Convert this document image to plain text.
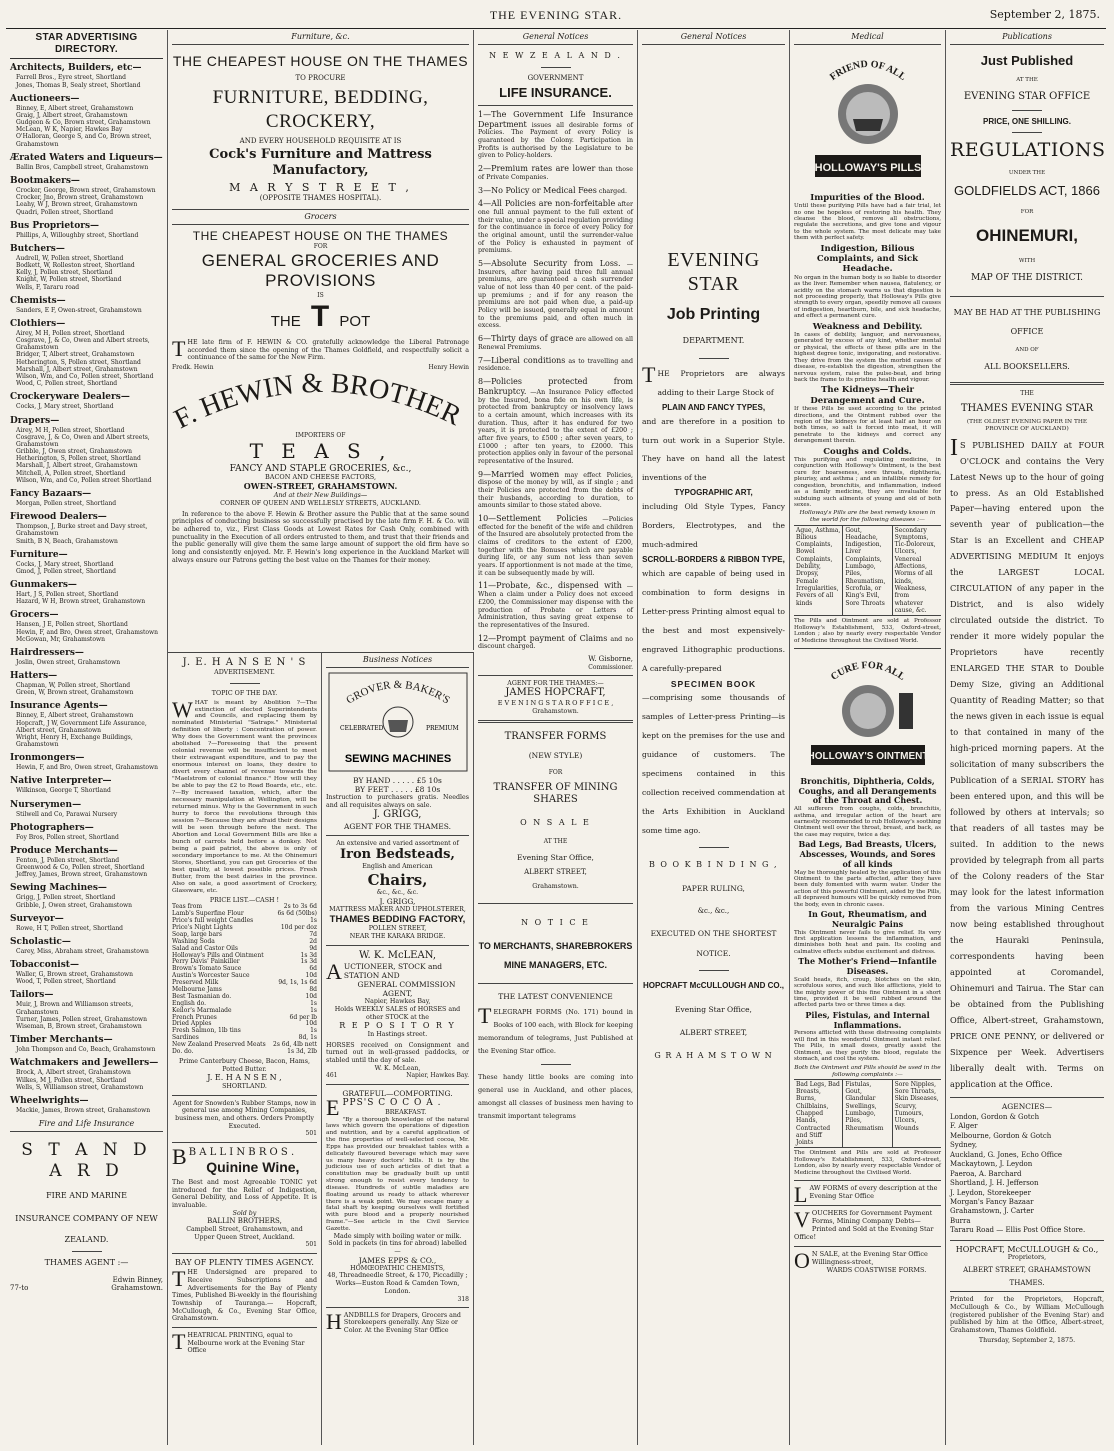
THE EVENING STAR.	September 2, 1875.
STAR ADVERTISING DIRECTORY.
Architects, Builders, etc—
Farrell Bros., Eyre street, Shortland
Jones, Thomas B, Sealy street, Shortland
Auctioneers—
Binney, E, Albert street, Grahamstown
Graig, J, Albert street, Grahamstown
Gudgeon & Co, Brown street, Grahamstown
McLean, W K, Napier, Hawkes Bay
O'Halloran, George S, and Co, Brown street, Grahamstown
Ærated Waters and Liqueurs—
Ballin Bros, Campbell street, Grahamstown
Bootmakers—
Crocker, George, Brown street, Grahamstown
Crocker, Jno, Brown street, Grahamstown
Leahy, W J, Brown street, Grahamstown
Quadri, Pollen street, Shortland
Bus Proprietors—
Phillips, A, Willoughby street, Shortland
Butchers—
Audrell, W, Pollen street, Shortland
Bodkett, W, Rolleston street, Shortland
Kelly, J, Pollen street, Shortland
Knight, W, Pollen street, Shortland
Wells, F, Tararu road
Chemists—
Sanders, E F, Owen-street, Grahamstown
Clothiers—
Airey, M H, Pollen street, Shortland
Cosgrave, J, & Co, Owen and Albert streets, Grahamstown
Bridger, T, Albert street, Grahamstown
Hetherington, S, Pollen street, Shortland
Marshall, J, Albert street, Grahamstown
Wilson, Wm, and Co, Pollen street, Shortland
Wood, C, Pollen street, Shortland
Crockeryware Dealers—
Cocks, J, Mary street, Shortland
Drapers—
Airey, M H, Pollen street, Shortland
Cosgrave, J, & Co, Owen and Albert streets, Grahamstown
Gribble, J, Owen street, Grahamstown
Hetherington, S, Pollen street, Shortland
Marshall, J, Albert street, Grahamstown
Mitchell, A, Pollen street, Shortland
Wilson, Wm, and Co, Pollen street Shortland
Fancy Bazaars—
Morgan, Pollen street, Shortland
Firewood Dealers—
Thompson, J, Burke street and Davy street, Grahamstown
Smith, B N, Beach, Grahamstown
Furniture—
Cocks, J, Mary street, Shortland
Gmod, J, Pollen street, Shortland
Gunmakers—
Hart, J S, Pollen street, Shortland
Hazard, W H, Brown street, Grahamstown
Grocers—
Hansen, J E, Pollen street, Shortland
Hewin, F, and Bro, Owen street, Grahamstown
McGowan, Mr, Grahamstown
Hairdressers—
Joslin, Owen street, Grahamstown
Hatters—
Chapman, W, Pollen street, Shortland
Green, W, Brown street, Grahamstown
Insurance Agents—
Binney, E, Albert street, Grahamstown
Hopcraft, J W, Government Life Assurance, Albert street, Grahamstown
Wright, Henry H, Exchange Buildings, Grahamstown
Ironmongers—
Hewin, F, and Bro, Owen street, Grahamstown
Native Interpreter—
Wilkinson, George T, Shortland
Nurserymen—
Stilwell and Co, Parawai Nursery
Photographers—
Foy Bros, Pollen street, Shortland
Produce Merchants—
Fenton, J, Pollen street, Shortland
Greenwood & Co, Pollen street, Shortland
Jeffrey, James, Brown street, Grahamstown
Sewing Machines—
Grigg, J, Pollen street, Shortland
Gribble, J, Owen street, Grahamstown
Surveyor—
Rowe, H T, Pollen street, Shortland
Scholastic—
Carey, Miss, Abraham street, Grahamstown
Tobacconist—
Waller, G, Brown street, Grahamstown
Wood, T, Pollen street, Shortland
Tailors—
Muir, J, Brown and Williamson streets, Grahamstown
Turner, James, Pollen street, Grahamstown
Wiseman, B, Brown street, Grahamstown
Timber Merchants—
John Thompson and Co, Beach, Grahamstown
Watchmakers and Jewellers—
Brock, A, Albert street, Grahamstown
Wilkes, M J, Pollen street, Shortland
Wells, S, Williamson street, Grahamstown
Wheelwrights—
Mackie, James, Brown street, Grahamstown
Fire and Life Insurance
S T A N D A R D
FIRE AND MARINE
INSURANCE COMPANY OF NEW
ZEALAND.
THAMES AGENT :—
Edwin Binney,
77-to	Grahamstown.
Furniture, &c.
THE CHEAPEST HOUSE ON THE THAMES
TO PROCURE
FURNITURE, BEDDING, CROCKERY,
AND EVERY HOUSEHOLD REQUISITE AT IS
Cock's Furniture and Mattress
Manufactory,
M A R Y S T R E E T ,
(OPPOSITE THAMES HOSPITAL).
Grocers
THE CHEAPEST HOUSE ON THE THAMES
FOR
GENERAL GROCERIES AND PROVISIONS
IS
THE T POT
THE late firm of F. HEWIN & CO. gratefully acknowledge the Liberal Patronage accorded them since the opening of the Thames Goldfield, and respectfully solicit a continuance of the same for the New Firm.
Fredk. Hewin	Henry Hewin
. HEWIN & BROTHER
IMPORTERS OF
T E A S ,
FANCY AND STAPLE GROCERIES, &c.,
BACON AND CHEESE FACTORS,
OWEN-STREET, GRAHAMSTOWN.
And at their New Buildings—
CORNER OF QUEEN AND WELLESLY STREETS, AUCKLAND.
In reference to the above F. Hewin & Brother assure the Public that at the same sound principles of conducting business so successfully practised by the late firm F. H. & Co. will be adhered to, viz., First Class Goods at Lowest Rates for Cash Only, combined with punctuality in the Execution of all orders entrusted to them, and trust that their friends and the public generally will give them the same large amount of support the old firm have so long and consistently enjoyed. Mr. F. Hewin's long experience in the Auckland Market will always ensure our Patrons getting the best value on the Thames for their money.
J. E. H A N S E N ' S
ADVERTISEMENT.
TOPIC OF THE DAY.
WHAT is meant by Abolition ?—The extinction of elected Superintendents and Councils, and replacing them by nominated Ministerial "Satraps." Ministerial definition of liberty : Concentration of power. Why does the Government want the provinces abolished ?—Foreseeing that the present colonial revenue will be insufficient to meet their extravagant expenditure, and to pay the enormous interest on loans, they desire to divert every channel of revenue towards the "Maelstrom of colonial finance." How will they be able to pay the £2 to Road Boards, etc., etc. ?—By increased taxation, which, after the necessary manipulation at Wellington, will be returned minus. Why is the Government in such hurry to force the revolutions through this session ?—Because they are afraid their designs will be seen through before the next. The Abortion and Local Government Bills are like a bunch of carrots held before a donkey. Not being a paid patriot, the above is only of secondary importance to me. At the Ohinemuri Stores, Shortland, you can get Groceries of the best quality, at lowest possible prices. Fresh Butter, from the best dairies in the province. Also on sale, a good assortment of Crockery, Glassware, etc.
PRICE LIST.—CASH !
Teas from	2s to 3s 6d
Lamb's Superfine Flour	6s 6d (50lbs)
Price's full weight Candles	1s
Price's Night Lights	10d per doz
Soap, large bars	7d
Washing Soda	2d
Salad and Castor Oils	9d
Holloway's Pills and Ointment	1s 3d
Perry Davis' Painkiller	1s 3d
Brown's Tomato Sauce	6d
Austin's Worcester Sauce	10d
Preserved Milk	9d, 1s, 1s 6d
Melbourne Jams	8d
Best Tasmanian do.	10d
English do.	1s
Keilor's Marmalade	1s
French Prunes	6d per lb
Dried Apples	10d
Fresh Salmon, 1lb tins	1s
Sardines	8d, 1s
New Zealand Preserved Meats	2s 6d, 4lb nett
Do. do.	1s 3d, 2lb
Prime Canterbury Cheese, Bacon, Hams, Potted Butter.
J. E. H A N S E N ,
SHORTLAND.
Agent for Snowden's Rubber Stamps, now in general use among Mining Companies, business men, and others. Orders Promptly Executed.
501
B B A L L I N B R O S .
Quinine Wine,
The Best and most Agreeable TONIC yet introduced for the Relief of Indigestion, General Debility, and Loss of Appetite. It is invaluable.
Sold by
BALLIN BROTHERS,
Campbell Street, Grahamstown, and
Upper Queen Street, Auckland.
501
BAY OF PLENTY TIMES AGENCY.
THE Undersigned are prepared to Receive Subscriptions and Advertisements for the Bay of Plenty Times, Published Bi-weekly in the flourishing Township of Tauranga.— Hopcraft, McCullough, & Co., Evening Star Office, Grahamstown.
THEATRICAL PRINTING, equal to Melbourne work at the Evening Star Office
Business Notices
GROVER & BAKER'S
CELEBRATED	PREMIUM
SEWING MACHINES
BY HAND . . . . . £5 10s
BY FEET . . . . . £8 10s
Instruction to purchasers gratis. Needles and all requisites always on sale.
J. GRIGG,
AGENT FOR THE THAMES.
An extensive and varied assortment of
Iron Bedsteads,
English and American
Chairs,
&c., &c., &c.
J. GRIGG,
MATTRESS MAKER AND UPHOLSTERER,
THAMES BEDDING FACTORY,
POLLEN STREET,
NEAR THE KARAKA BRIDGE.
W. K. McLEAN,
AUCTIONEER, STOCK and STATION AND
GENERAL COMMISSION AGENT,
Napier, Hawkes Bay,
Holds WEEKLY SALES of HORSES and other STOCK at the
R E P O S I T O R Y
In Hastings street.
HORSES received on Consignment and turned out in well-grassed paddocks, or stabled until the day of sale.
W. K. McLean,
461	Napier, Hawkes Bay.
GRATEFUL—COMFORTING.
EPPS'S C O C O A .
BREAKFAST.
"By a thorough knowledge of the natural laws which govern the operations of digestion and nutrition, and by a careful application of the fine properties of well-selected cocoa, Mr. Epps has provided our breakfast tables with a delicately flavoured beverage which may save us many heavy doctors' bills. It is by the judicious use of such articles of diet that a constitution may be gradually built up until strong enough to resist every tendency to disease. Hundreds of subtle maladies are floating around us ready to attack wherever there is a weak point. We may escape many a fatal shaft by keeping ourselves well fortified with pure blood and a properly nourished frame."—See article in the Civil Service Gazette.
Made simply with boiling water or milk.
Sold in packets (in tins for abroad) labelled—
JAMES EPPS & CO.,
HOMŒOPATHIC CHEMISTS,
48, Threadneedle Street, & 170, Piccadilly ; Works—Euston Road & Camden Town, London.
318
HANDBILLS for Drapers, Grocers and Storekeepers generally. Any Size or Color. At the Evening Star Office
General Notices
N E W Z E A L A N D .
GOVERNMENT
LIFE INSURANCE.
1—The Government Life Insurance Department issues all desirable forms of Policies. The Payment of every Policy is guaranteed by the Colony. Participation in Profits is authorised by the Legislature to be given to Policy-holders.
2—Premium rates are lower than those of Private Companies.
3—No Policy or Medical Fees charged.
4—All Policies are non-forfeitable after one full annual payment to the full extent of their value, under a special regulation providing for the continuance in force of every Policy for the original amount, until the surrender-value of the Policy is exhausted in payment of premiums.
5—Absolute Security from Loss. —Insurers, after having paid three full annual premiums, are guaranteed a cash surrender value of not less than 40 per cent. of the paid-up premiums ; and if for any reason the premiums are not paid when due, a paid-up Policy will be issued, generally equal in amount to the premiums paid, and often much in excess.
6—Thirty days of grace are allowed on all Renewal Premiums.
7—Liberal conditions as to travelling and residence.
8—Policies protected from Bankruptcy. —An Insurance Policy effected by the Insured, bona fide on his own life, is protected from bankruptcy or insolvency laws to a certain amount, which increases with its duration. Thus, after it has endured for two years, it is protected to the extent of £200 ; after five years, to £500 ; after seven years, to £1000 ; after ten years, to £2000. This protection applies only in favour of the personal representative of the Insured.
9—Married women may effect Policies, dispose of the money by will, as if single ; and their Policies are protected from the debts of their husbands, according to duration, to amounts similar to those stated above.
10—Settlement Policies —Policies effected for the benefit of the wife and children of the Insured are absolutely protected from the claims of creditors to the extent of £200, together with the Bonuses which are payable during life, or any sum not less than seven years. If apportionment is not made at the time, it can be subsequently made by will.
11—Probate, &c., dispensed with —When a claim under a Policy does not exceed £200, the Commissioner may dispense with the production of Probate or Letters of Administration, thus saving great expense to the representatives of the Insured.
12—Prompt payment of Claims and no discount charged.
W. Gisborne,
Commissioner.
AGENT FOR THE THAMES:—
JAMES HOPCRAFT,
E V E N I N G S T A R O F F I C E ,
Grahamstown.
TRANSFER FORMS
(NEW STYLE)
FOR
TRANSFER OF MINING SHARES
O N S A L E
AT THE
Evening Star Office,
ALBERT STREET,
Grahamstown.
N O T I C E
TO MERCHANTS, SHAREBROKERS
MINE MANAGERS, ETC.
THE LATEST CONVENIENCE
TELEGRAPH FORMS (No. 171) bound in Books of 100 each, with Block for keeping memorandum of telegrams, Just Published at the Evening Star office.
These handy little books are coming into general use in Auckland, and other places, amongst all classes of business men having to transmit important telegrams
General Notices
EVENING STAR
Job Printing
DEPARTMENT.
THE Proprietors are always adding to their Large Stock of
PLAIN AND FANCY TYPES,
and are therefore in a position to turn out work in a Superior Style. They have on hand all the latest inventions of the
TYPOGRAPHIC ART,
including Old Style Types, Fancy Borders, Electrotypes, and the much-admired
SCROLL-BORDERS & RIBBON TYPE,
which are capable of being used in combination to form designs in Letter-press Printing almost equal to the best and most expensively-engraved Lithographic productions. A carefully-prepared
SPECIMEN BOOK
—comprising some thousands of samples of Letter-press Printing—is kept on the premises for the use and guidance of customers. The specimens contained in this collection received commendation at the Arts Exhibition in Auckland some time ago.
B O O K B I N D I N G ,
PAPER RULING,
&c., &c.,
EXECUTED ON THE SHORTEST
NOTICE.
HOPCRAFT McCULLOUGH AND CO.,
Evening Star Office,
ALBERT STREET,
G R A H A M S T O W N
Medical
FRIEND OF ALL
HOLLOWAY'S PILLS
Impurities of the Blood.
Until these purifying Pills have had a fair trial, let no one be hopeless of restoring his health. They cleanse the blood, remove all obstructions, regulate the secretions, and give tone and vigour to the whole system. The most delicate may take them with perfect safety.
Indigestion, Bilious Complaints, and Sick Headache.
No organ in the human body is so liable to disorder as the liver. Remember when nausea, flatulency, or acidity on the stomach warns us that digestion is not proceeding properly, that Holloway's Pills give strength to every organ, speedily remove all causes of indigestion, heartburn, bile, and sick headache, and effect a permanent cure.
Weakness and Debility.
In cases of debility, languor, and nervousness, generated by excess of any kind, whether mental or physical, the effects of these pills are in the highest degree tonic, invigorating, and restorative. They drive from the system the morbid causes of disease, re-establish the digestion, strengthen the nervous system, raise the pulse-beat, and bring back the frame to its pristine health and vigour.
The Kidneys—Their Derangement and Cure.
If these Pills be used according to the printed directions, and the Ointment rubbed over the region of the kidneys for at least half an hour on both times, so salt is forced into meat, it will penetrate to the kidneys and correct any derangement therein.
Coughs and Colds.
This purifying and regulating medicine, in conjunction with Holloway's Ointment, is the best cure for hoarseness, sore throats, diphtheria, pleurisy, and asthma ; and an infallible remedy for congestion, bronchitis, and inflammation, indeed as a family medicine, they are invaluable for subduing such ailments of young and old of both sexes.
Holloway's Pills are the best remedy known in the world for the following diseases :—
Ague, Asthma, Bilious Complaints, Bowel Complaints, Debility, Dropsy, Female Irregularities, Fevers of all kinds
Gout, Headache, Indigestion, Liver Complaints, Lumbago, Piles, Rheumatism, Scrofula, or King's Evil, Sore Throats
Secondary Symptoms, Tic-Doloreux, Ulcers, Venereal Affections, Worms of all kinds, Weakness, from whatever cause, &c.
The Pills and Ointment are sold at Professor Holloway's Establishment, 533, Oxford-street, London ; also by nearly every respectable Vendor of Medicine throughout the Civilised World.
CURE FOR ALL
HOLLOWAY'S OINTMENT
Bronchitis, Diphtheria, Colds, Coughs, and all Derangements of the Throat and Chest.
All sufferers from coughs, colds, bronchitis, asthma, and irregular action of the heart are earnestly recommended to rub Holloway's soothing Ointment well over the throat, breast, and back, as the case may require, twice a day.
Bad Legs, Bad Breasts, Ulcers, Abscesses, Wounds, and Sores of all kinds
May be thoroughly healed by the application of this Ointment to the parts affected, after they have been duly fomented with warm water. Under the action of this powerful Ointment, aided by the Pills, all depraved humours will be quickly removed from the body, even in chronic cases.
In Gout, Rheumatism, and Neuralgic Pains
This Ointment never fails to give relief. Its very first application lessens the inflammation, and diminishes both heat and pain. Its cooling and calmative effects subdue excitement and distress.
The Mother's Friend—Infantile Diseases.
Scald heads, itch, croup, blotches on the skin, scrofulous sores, and such like afflictions, yield to the mighty power of this fine Ointment in a short time, provided it be well rubbed around the affected parts two or three times a day.
Piles, Fistulas, and Internal Inflammations.
Persons afflicted with these distressing complaints will find in this wonderful Ointment instant relief. The Pills, in small doses, greatly assist the Ointment, as they purify the blood, regulate the stomach, and cool the system.
Both the Ointment and Pills should be used in the following complaints :—
Bad Legs, Bad Breasts, Burns, Chilblains, Chapped Hands, Contracted and Stiff Joints
Fistulas, Gout, Glandular Swellings, Lumbago, Piles, Rheumatism
Sore Nipples, Sore Throats, Skin Diseases, Scurvy, Tumours, Ulcers, Wounds
The Ointment and Pills are sold at Professor Holloway's Establishment, 533, Oxford-street, London, also by nearly every respectable Vendor of Medicine throughout the Civilised World.
LAW FORMS of every description at the Evening Star Office
VOUCHERS for Government Payment Forms, Mining Company Debts—Printed and Sold at the Evening Star Office!
O N SALE, at the Evening Star Office Willingness-street,
WARDS COASTWISE FORMS.
Publications
Just Published
AT THE
EVENING STAR OFFICE
PRICE, ONE SHILLING.
REGULATIONS
UNDER THE
GOLDFIELDS ACT, 1866
FOR
OHINEMURI,
WITH
MAP OF THE DISTRICT.
MAY BE HAD AT THE PUBLISHING OFFICE
AND OF
ALL BOOKSELLERS.
THE
THAMES EVENING STAR
(THE OLDEST EVENING PAPER IN THE PROVINCE OF AUCKLAND)
I S PUBLISHED DAILY at FOUR O'CLOCK and contains the Very Latest News up to the hour of going to press. As an Old Established Paper—having entered upon the seventh year of publication—the Star is an Excellent and CHEAP ADVERTISING MEDIUM It enjoys the LARGEST LOCAL CIRCULATION of any paper in the District, and is also widely circulated outside the district. To render it more widely popular the Proprietors have recently ENLARGED THE STAR to Double Demy Size, giving an Additional Quantity of Reading Matter; so that the news given in each issue is equal to that contained in many of the high-priced morning papers. At the solicitation of many subscribers the Publication of a SERIAL STORY has been entered upon, and this will be followed by others at intervals; so that readers of all tastes may be suited. In addition to the news provided by telegraph from all parts of the Colony readers of the Star may look for the latest information from the various Mining Centres now being established throughout the Hauraki Peninsula, correspondents having been appointed at Coromandel, Ohinemuri and Tairua. The Star can be obtained from the Publishing Office, Albert-street, Grahamstown, PRICE ONE PENNY, or delivered or Sixpence per Week. Advertisers liberally dealt with. Terms on application at the Office.
AGENCIES—
London, Gordon & Gotch
F. Alger
Melbourne, Gordon & Gotch
Sydney,
Auckland, G. Jones, Echo Office
Mackaytown, J. Leydon
Paeroa, A. Barchard
Shortland, J. H. Jefferson
J. Leydon, Storekeeper
Morgan's Fancy Bazaar
Grahamstown, J. Carter
Burra
Tararu Road — Ellis Post Office Store.
HOPCRAFT, McCULLOUGH & Co.,
Proprietors,
ALBERT STREET, GRAHAMSTOWN
THAMES.
Printed for the Proprietors, Hopcraft, McCullough & Co., by William McCullough (registered publisher of the Evening Star) and published by him at the Office, Albert-street, Grahamstown, Thames Goldfield.
Thursday, September 2, 1875.
